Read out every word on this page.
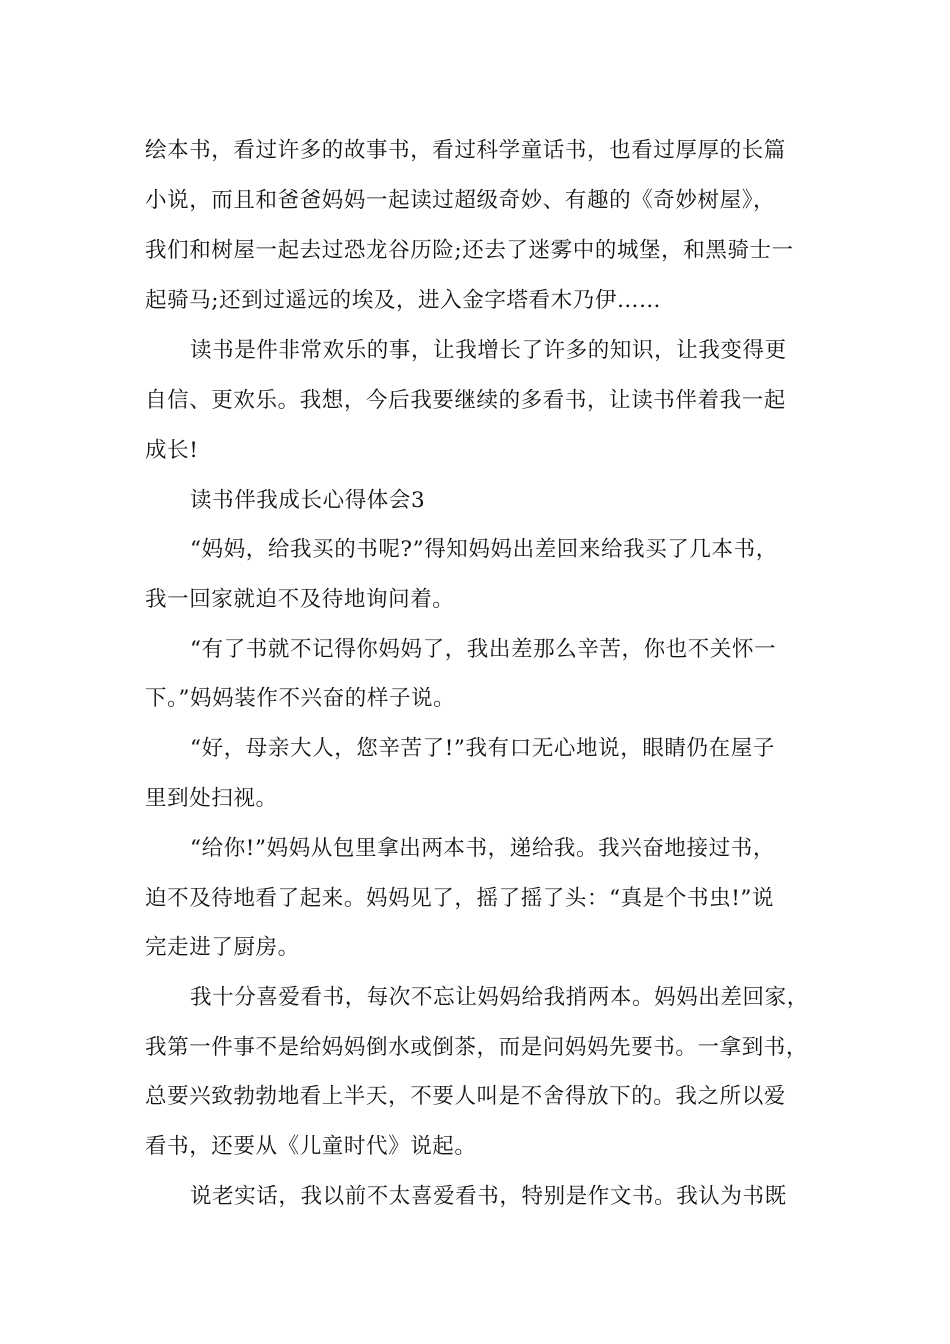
绘本书，看过许多的故事书，看过科学童话书，也看过厚厚的长篇
小说，而且和爸爸妈妈一起读过超级奇妙、有趣的《奇妙树屋》，
我们和树屋一起去过恐龙谷历险;还去了迷雾中的城堡，和黑骑士一
起骑马;还到过遥远的埃及，进入金字塔看木乃伊……
读书是件非常欢乐的事，让我增长了许多的知识，让我变得更
自信、更欢乐。我想，今后我要继续的多看书，让读书伴着我一起
成长!
读书伴我成长心得体会3
“妈妈，给我买的书呢?”得知妈妈出差回来给我买了几本书，
我一回家就迫不及待地询问着。
“有了书就不记得你妈妈了，我出差那么辛苦，你也不关怀一
下。”妈妈装作不兴奋的样子说。
“好，母亲大人，您辛苦了!”我有口无心地说，眼睛仍在屋子
里到处扫视。
“给你!”妈妈从包里拿出两本书，递给我。我兴奋地接过书，
迫不及待地看了起来。妈妈见了，摇了摇了头：“真是个书虫!”说
完走进了厨房。
我十分喜爱看书，每次不忘让妈妈给我捎两本。妈妈出差回家，
我第一件事不是给妈妈倒水或倒茶，而是问妈妈先要书。一拿到书，
总要兴致勃勃地看上半天，不要人叫是不舍得放下的。我之所以爱
看书，还要从《儿童时代》说起。
说老实话，我以前不太喜爱看书，特别是作文书。我认为书既
